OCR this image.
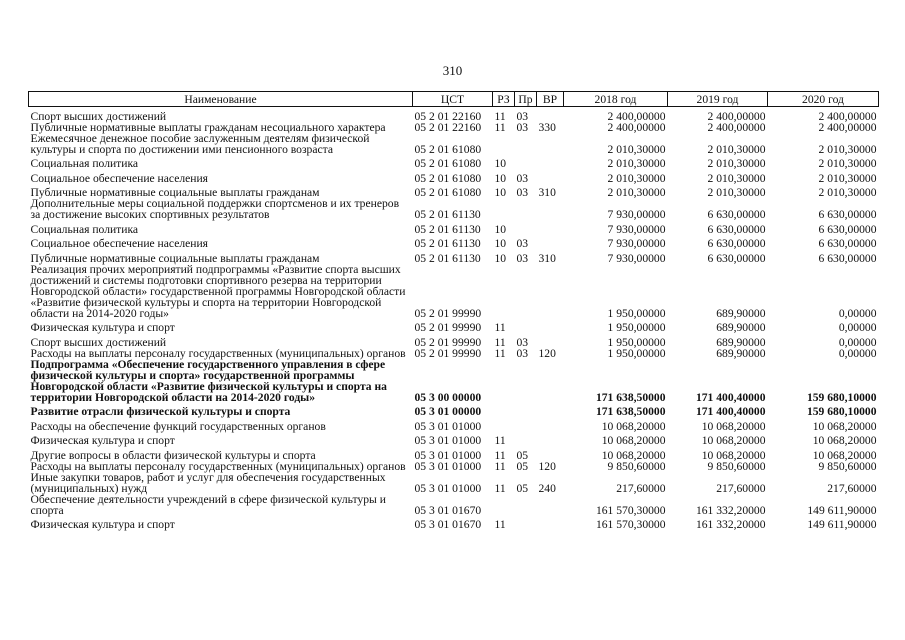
310
Наименование	ЦСТ	РЗ	Пр	ВР	2018 год	2019 год	2020 год
Спорт высших достижений	05 2 01 22160	11	03		2 400,00000	2 400,00000	2 400,00000
Публичные нормативные выплаты гражданам несоциального характера	05 2 01 22160	11	03	330	2 400,00000	2 400,00000	2 400,00000
Ежемесячное денежное пособие заслуженным деятелям физической культуры и спорта по достижении ими пенсионного возраста	05 2 01 61080				2 010,30000	2 010,30000	2 010,30000
Социальная политика	05 2 01 61080	10			2 010,30000	2 010,30000	2 010,30000
Социальное обеспечение населения	05 2 01 61080	10	03		2 010,30000	2 010,30000	2 010,30000
Публичные нормативные социальные выплаты гражданам	05 2 01 61080	10	03	310	2 010,30000	2 010,30000	2 010,30000
Дополнительные меры социальной поддержки спортсменов и их тренеров за достижение высоких спортивных результатов	05 2 01 61130				7 930,00000	6 630,00000	6 630,00000
Социальная политика	05 2 01 61130	10			7 930,00000	6 630,00000	6 630,00000
Социальное обеспечение населения	05 2 01 61130	10	03		7 930,00000	6 630,00000	6 630,00000
Публичные нормативные социальные выплаты гражданам	05 2 01 61130	10	03	310	7 930,00000	6 630,00000	6 630,00000
Реализация прочих мероприятий подпрограммы «Развитие спорта высших достижений и системы подготовки спортивного резерва на территории Новгородской области» государственной программы Новгородской области «Развитие физической культуры и спорта на территории Новгородской области на 2014-2020 годы»	05 2 01 99990				1 950,00000	689,90000	0,00000
Физическая культура и спорт	05 2 01 99990	11			1 950,00000	689,90000	0,00000
Спорт высших достижений	05 2 01 99990	11	03		1 950,00000	689,90000	0,00000
Расходы на выплаты персоналу государственных (муниципальных) органов	05 2 01 99990	11	03	120	1 950,00000	689,90000	0,00000
Подпрограмма «Обеспечение государственного управления в сфере физической культуры и спорта» государственной программы Новгородской области «Развитие физической культуры и спорта на территории Новгородской области на 2014-2020 годы»	05 3 00 00000				171 638,50000	171 400,40000	159 680,10000
Развитие отрасли физической культуры и спорта	05 3 01 00000				171 638,50000	171 400,40000	159 680,10000
Расходы на обеспечение функций государственных органов	05 3 01 01000				10 068,20000	10 068,20000	10 068,20000
Физическая культура и спорт	05 3 01 01000	11			10 068,20000	10 068,20000	10 068,20000
Другие вопросы в области физической культуры и спорта	05 3 01 01000	11	05		10 068,20000	10 068,20000	10 068,20000
Расходы на выплаты персоналу государственных (муниципальных) органов	05 3 01 01000	11	05	120	9 850,60000	9 850,60000	9 850,60000
Иные закупки товаров, работ и услуг для обеспечения государственных (муниципальных) нужд	05 3 01 01000	11	05	240	217,60000	217,60000	217,60000
Обеспечение деятельности учреждений в сфере физической культуры и спорта	05 3 01 01670				161 570,30000	161 332,20000	149 611,90000
Физическая культура и спорт	05 3 01 01670	11			161 570,30000	161 332,20000	149 611,90000
